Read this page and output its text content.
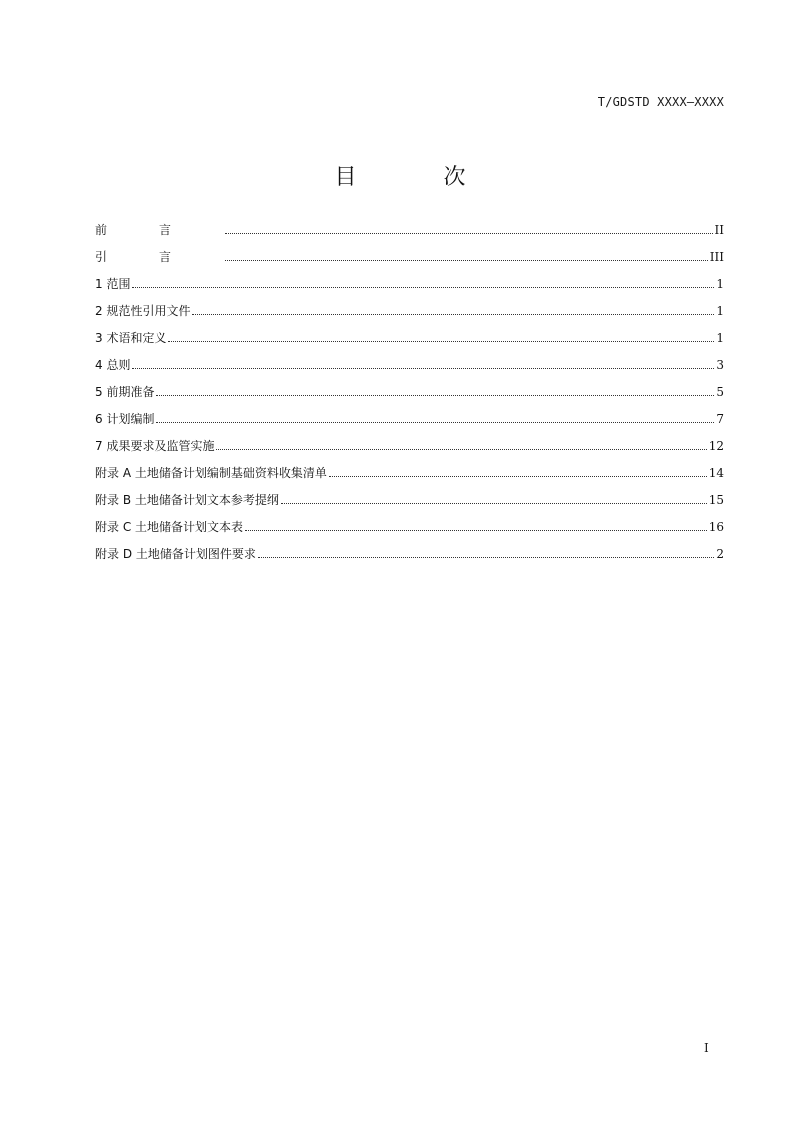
T/GDSTD XXXX—XXXX
目 次
前言	II
引言	III
1 范围	1
2 规范性引用文件	1
3 术语和定义	1
4 总则	3
5 前期准备	5
6 计划编制	7
7 成果要求及监管实施	12
附录 A 土地储备计划编制基础资料收集清单	14
附录 B 土地储备计划文本参考提纲	15
附录 C 土地储备计划文本表	16
附录 D 土地储备计划图件要求	2
I
